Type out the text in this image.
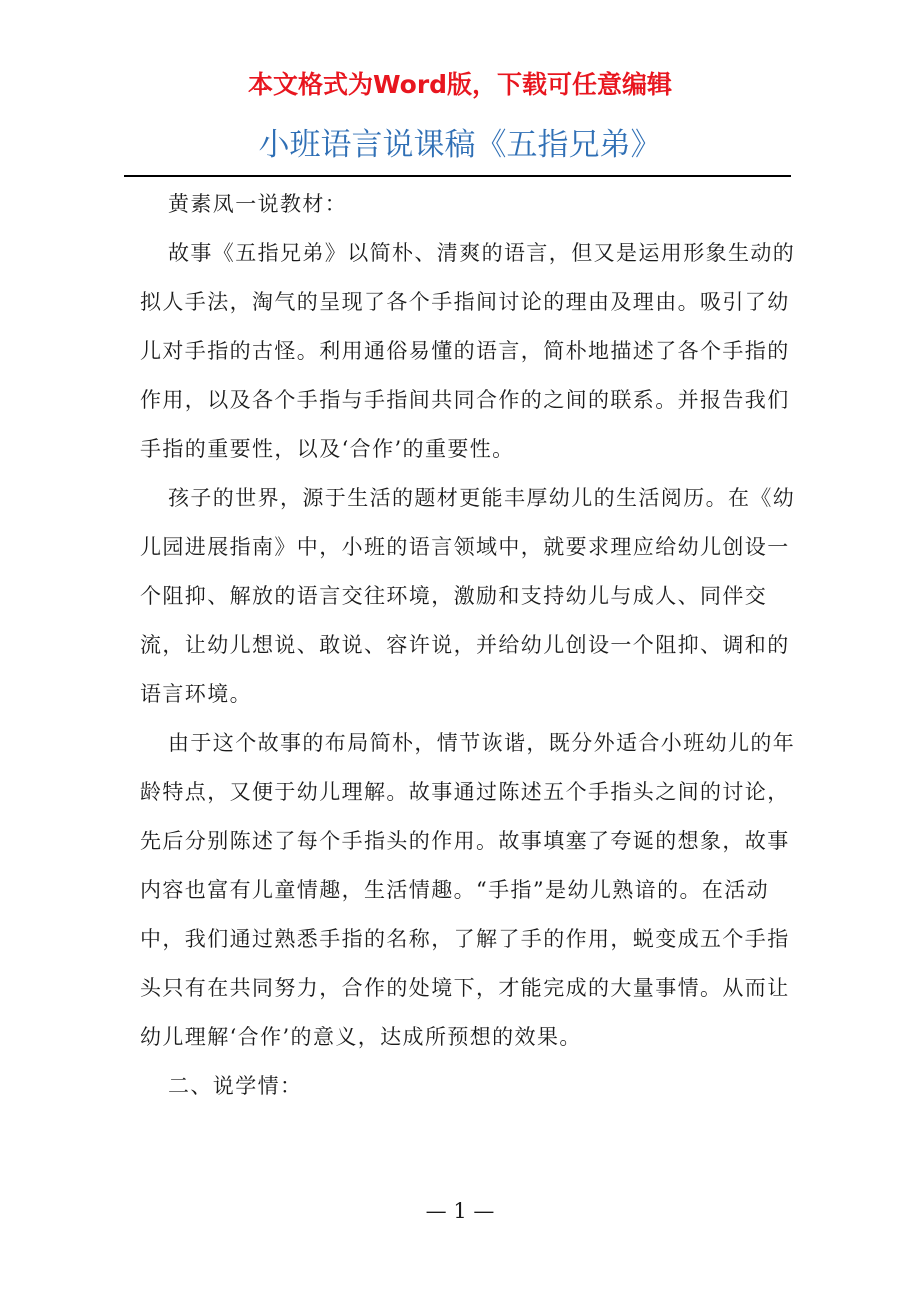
本文格式为Word版，下载可任意编辑
小班语言说课稿《五指兄弟》

黄素凤一说教材：

故事《五指兄弟》以简朴、清爽的语言，但又是运用形象生动的拟人手法，淘气的呈现了各个手指间讨论的理由及理由。吸引了幼儿对手指的古怪。利用通俗易懂的语言，简朴地描述了各个手指的作用，以及各个手指与手指间共同合作的之间的联系。并报告我们手指的重要性，以及‘合作’的重要性。

孩子的世界，源于生活的题材更能丰厚幼儿的生活阅历。在《幼儿园进展指南》中，小班的语言领域中，就要求理应给幼儿创设一个阻抑、解放的语言交往环境，激励和支持幼儿与成人、同伴交流，让幼儿想说、敢说、容许说，并给幼儿创设一个阻抑、调和的语言环境。

由于这个故事的布局简朴，情节诙谐，既分外适合小班幼儿的年龄特点，又便于幼儿理解。故事通过陈述五个手指头之间的讨论，先后分别陈述了每个手指头的作用。故事填塞了夸诞的想象，故事内容也富有儿童情趣，生活情趣。“手指”是幼儿熟谙的。在活动中，我们通过熟悉手指的名称，了解了手的作用，蜕变成五个手指头只有在共同努力，合作的处境下，才能完成的大量事情。从而让幼儿理解‘合作’的意义，达成所预想的效果。

二、说学情：

— 1 —
